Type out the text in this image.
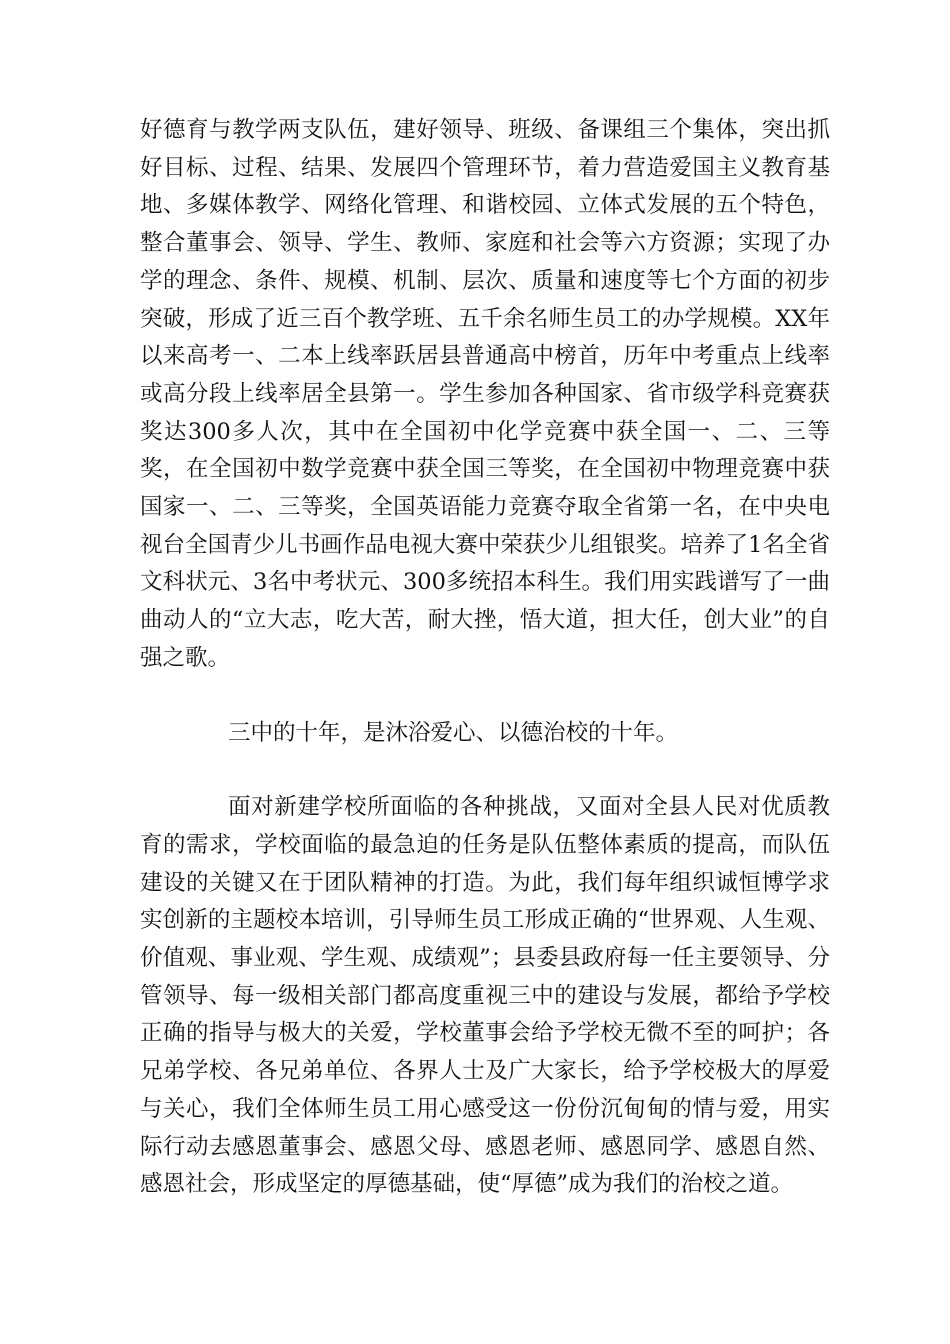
好德育与教学两支队伍，建好领导、班级、备课组三个集体，突出抓好目标、过程、结果、发展四个管理环节，着力营造爱国主义教育基地、多媒体教学、网络化管理、和谐校园、立体式发展的五个特色，整合董事会、领导、学生、教师、家庭和社会等六方资源；实现了办学的理念、条件、规模、机制、层次、质量和速度等七个方面的初步突破，形成了近三百个教学班、五千余名师生员工的办学规模。XX年以来高考一、二本上线率跃居县普通高中榜首，历年中考重点上线率或高分段上线率居全县第一。学生参加各种国家、省市级学科竞赛获奖达300多人次，其中在全国初中化学竞赛中获全国一、二、三等奖，在全国初中数学竞赛中获全国三等奖，在全国初中物理竞赛中获国家一、二、三等奖，全国英语能力竞赛夺取全省第一名，在中央电视台全国青少儿书画作品电视大赛中荣获少儿组银奖。培养了1名全省文科状元、3名中考状元、300多统招本科生。我们用实践谱写了一曲曲动人的“立大志，吃大苦，耐大挫，悟大道，担大任，创大业”的自强之歌。

三中的十年，是沐浴爱心、以德治校的十年。

面对新建学校所面临的各种挑战，又面对全县人民对优质教育的需求，学校面临的最急迫的任务是队伍整体素质的提高，而队伍建设的关键又在于团队精神的打造。为此，我们每年组织诚恒博学求实创新的主题校本培训，引导师生员工形成正确的“世界观、人生观、价值观、事业观、学生观、成绩观”；县委县政府每一任主要领导、分管领导、每一级相关部门都高度重视三中的建设与发展，都给予学校正确的指导与极大的关爱，学校董事会给予学校无微不至的呵护；各兄弟学校、各兄弟单位、各界人士及广大家长，给予学校极大的厚爱与关心，我们全体师生员工用心感受这一份份沉甸甸的情与爱，用实际行动去感恩董事会、感恩父母、感恩老师、感恩同学、感恩自然、感恩社会，形成坚定的厚德基础，使“厚德”成为我们的治校之道。
